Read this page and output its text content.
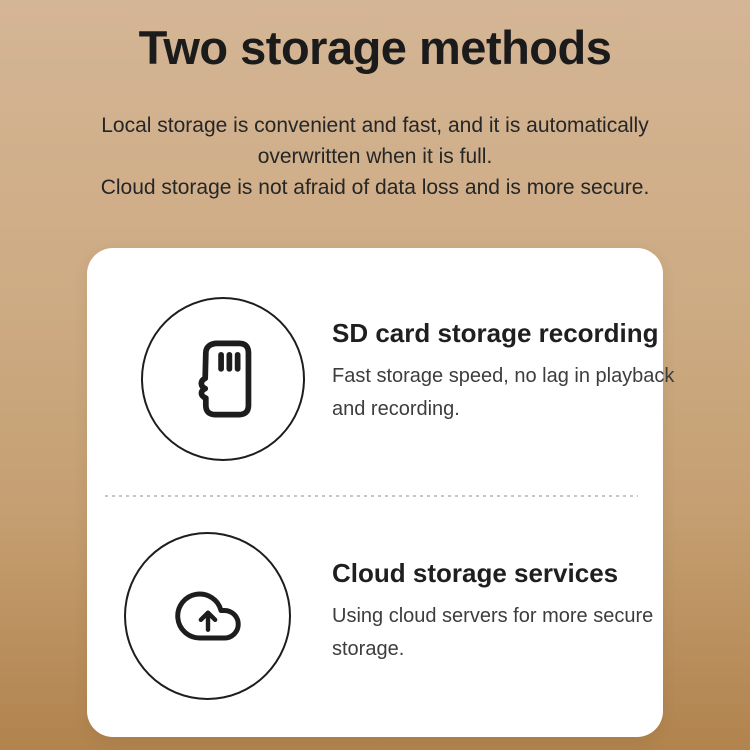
Two storage methods
Local storage is convenient and fast, and it is automatically
overwritten when it is full.
Cloud storage is not afraid of data loss and is more secure.
SD card storage recording
Fast storage speed, no lag in playback
and recording.
Cloud storage services
Using cloud servers for more secure
storage.
